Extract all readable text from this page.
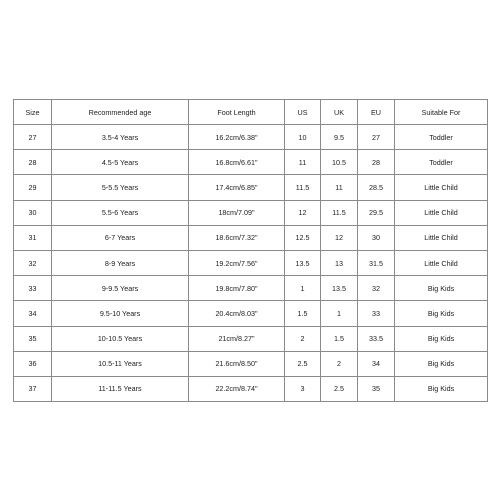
Size	Recommended age	Foot Length	US	UK	EU	Suitable For
27	3.5-4 Years	16.2cm/6.38"	10	9.5	27	Toddler
28	4.5-5 Years	16.8cm/6.61"	11	10.5	28	Toddler
29	5-5.5 Years	17.4cm/6.85"	11.5	11	28.5	Little Child
30	5.5-6 Years	18cm/7.09"	12	11.5	29.5	Little Child
31	6-7 Years	18.6cm/7.32"	12.5	12	30	Little Child
32	8-9 Years	19.2cm/7.56"	13.5	13	31.5	Little Child
33	9-9.5 Years	19.8cm/7.80"	1	13.5	32	Big Kids
34	9.5-10 Years	20.4cm/8.03"	1.5	1	33	Big Kids
35	10-10.5 Years	21cm/8.27"	2	1.5	33.5	Big Kids
36	10.5-11 Years	21.6cm/8.50"	2.5	2	34	Big Kids
37	11-11.5 Years	22.2cm/8.74"	3	2.5	35	Big Kids
